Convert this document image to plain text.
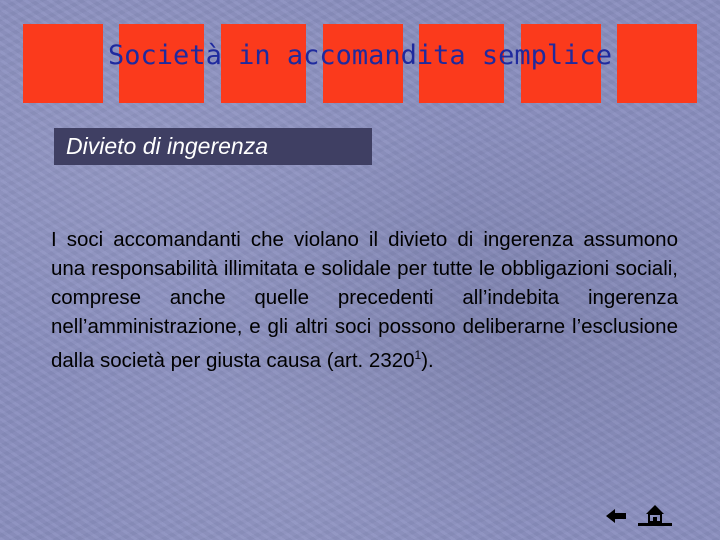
Società in accomandita semplice
Divieto di ingerenza
I soci accomandanti che violano il divieto di ingerenza assumono una responsabilità illimitata e solidale per tutte le obbligazioni sociali, comprese anche quelle precedenti all’indebita ingerenza nell’amministrazione, e gli altri soci possono deliberarne l’esclusione dalla società per giusta causa (art. 2320$^1$).
